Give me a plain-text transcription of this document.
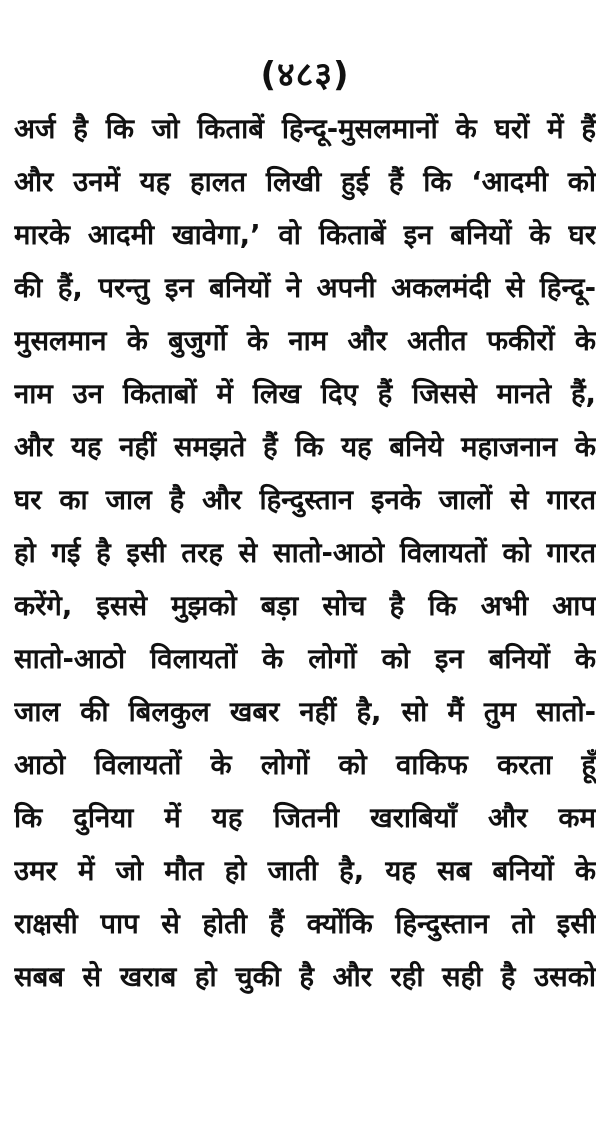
(४८३)
अर्ज है कि जो किताबें हिन्दू-मुसलमानों के घरों में हैं
और उनमें यह हालत लिखी हुई हैं कि ‘आदमी को
मारके आदमी खावेगा,’ वो किताबें इन बनियों के घर
की हैं, परन्तु इन बनियों ने अपनी अकलमंदी से हिन्दू-
मुसलमान के बुजुर्गो के नाम और अतीत फकीरों के
नाम उन किताबों में लिख दिए हैं जिससे मानते हैं,
और यह नहीं समझते हैं कि यह बनिये महाजनान के
घर का जाल है और हिन्दुस्तान इनके जालों से गारत
हो गई है इसी तरह से सातो-आठो विलायतों को गारत
करेंगे, इससे मुझको बड़ा सोच है कि अभी आप
सातो-आठो विलायतों के लोगों को इन बनियों के
जाल की बिलकुल खबर नहीं है, सो मैं तुम सातो-
आठो विलायतों के लोगों को वाकिफ करता हूँ
कि दुनिया में यह जितनी खराबियाँ और कम
उमर में जो मौत हो जाती है, यह सब बनियों के
राक्षसी पाप से होती हैं क्योंकि हिन्दुस्तान तो इसी
सबब से खराब हो चुकी है और रही सही है उसको
